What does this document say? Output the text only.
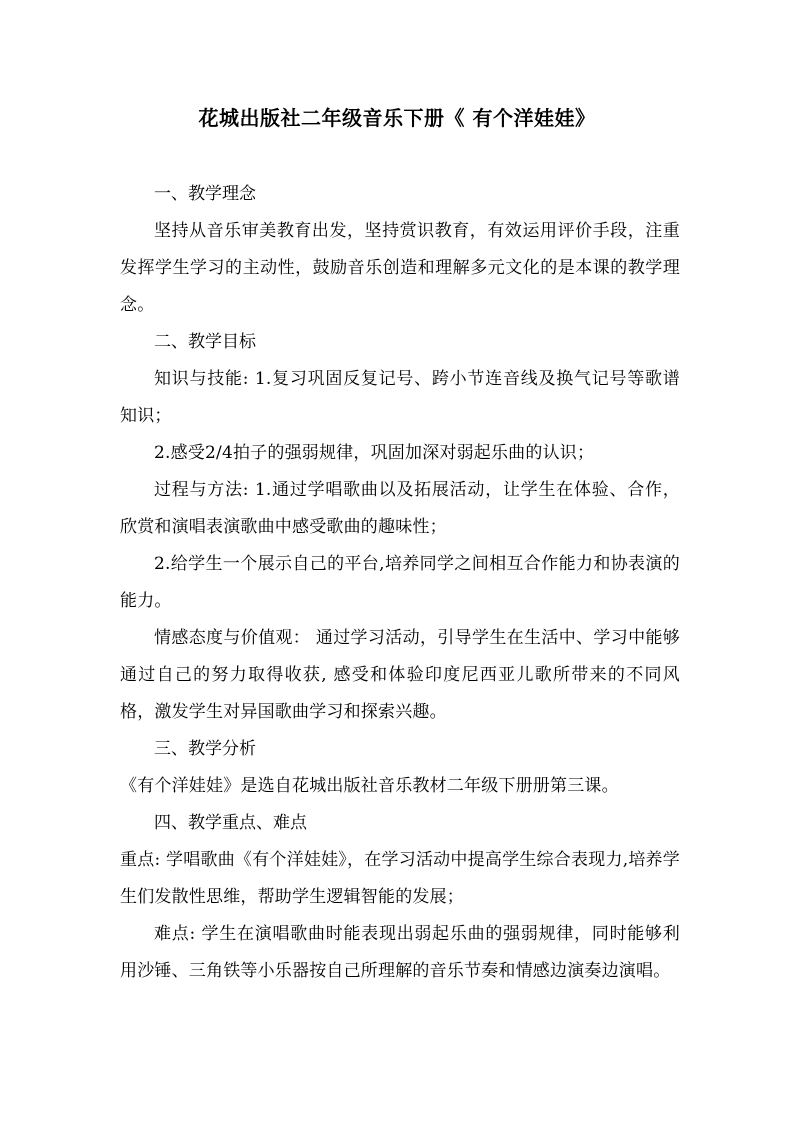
花城出版社二年级音乐下册《 有个洋娃娃》

一、教学理念

坚持从音乐审美教育出发，坚持赏识教育，有效运用评价手段，注重发挥学生学习的主动性，鼓励音乐创造和理解多元文化的是本课的教学理念。

二、教学目标

知识与技能: 1.复习巩固反复记号、跨小节连音线及换气记号等歌谱知识；

2.感受2/4拍子的强弱规律，巩固加深对弱起乐曲的认识；

过程与方法: 1.通过学唱歌曲以及拓展活动，让学生在体验、合作，欣赏和演唱表演歌曲中感受歌曲的趣味性；

2.给学生一个展示自己的平台,培养同学之间相互合作能力和协表演的能力。

情感态度与价值观： 通过学习活动，引导学生在生活中、学习中能够通过自己的努力取得收获, 感受和体验印度尼西亚儿歌所带来的不同风格，激发学生对异国歌曲学习和探索兴趣。

三、教学分析

《有个洋娃娃》是选自花城出版社音乐教材二年级下册册第三课。

四、教学重点、难点

重点: 学唱歌曲《有个洋娃娃》，在学习活动中提高学生综合表现力,培养学生们发散性思维，帮助学生逻辑智能的发展；

难点: 学生在演唱歌曲时能表现出弱起乐曲的强弱规律，同时能够利用沙锤、三角铁等小乐器按自己所理解的音乐节奏和情感边演奏边演唱。
